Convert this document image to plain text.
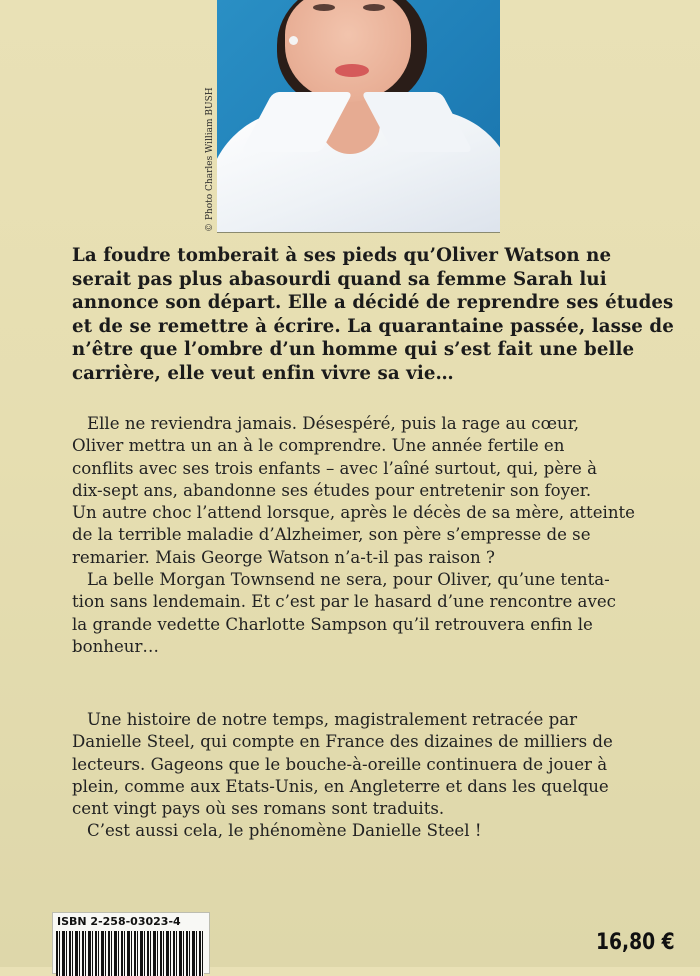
© Photo Charles William BUSH

La foudre tomberait à ses pieds qu’Oliver Watson ne
serait pas plus abasourdi quand sa femme Sarah lui
annonce son départ. Elle a décidé de reprendre ses études
et de se remettre à écrire. La quarantaine passée, lasse de
n’être que l’ombre d’un homme qui s’est fait une belle
carrière, elle veut enfin vivre sa vie…

Elle ne reviendra jamais. Désespéré, puis la rage au cœur,
Oliver mettra un an à le comprendre. Une année fertile en
conflits avec ses trois enfants – avec l’aîné surtout, qui, père à
dix-sept ans, abandonne ses études pour entretenir son foyer.
Un autre choc l’attend lorsque, après le décès de sa mère, atteinte
de la terrible maladie d’Alzheimer, son père s’empresse de se
remarier. Mais George Watson n’a-t-il pas raison ?

La belle Morgan Townsend ne sera, pour Oliver, qu’une tenta-
tion sans lendemain. Et c’est par le hasard d’une rencontre avec
la grande vedette Charlotte Sampson qu’il retrouvera enfin le
bonheur…

Une histoire de notre temps, magistralement retracée par
Danielle Steel, qui compte en France des dizaines de milliers de
lecteurs. Gageons que le bouche-à-oreille continuera de jouer à
plein, comme aux Etats-Unis, en Angleterre et dans les quelque
cent vingt pays où ses romans sont traduits.
C’est aussi cela, le phénomène Danielle Steel !

ISBN 2-258-03023-4
16,80 €
